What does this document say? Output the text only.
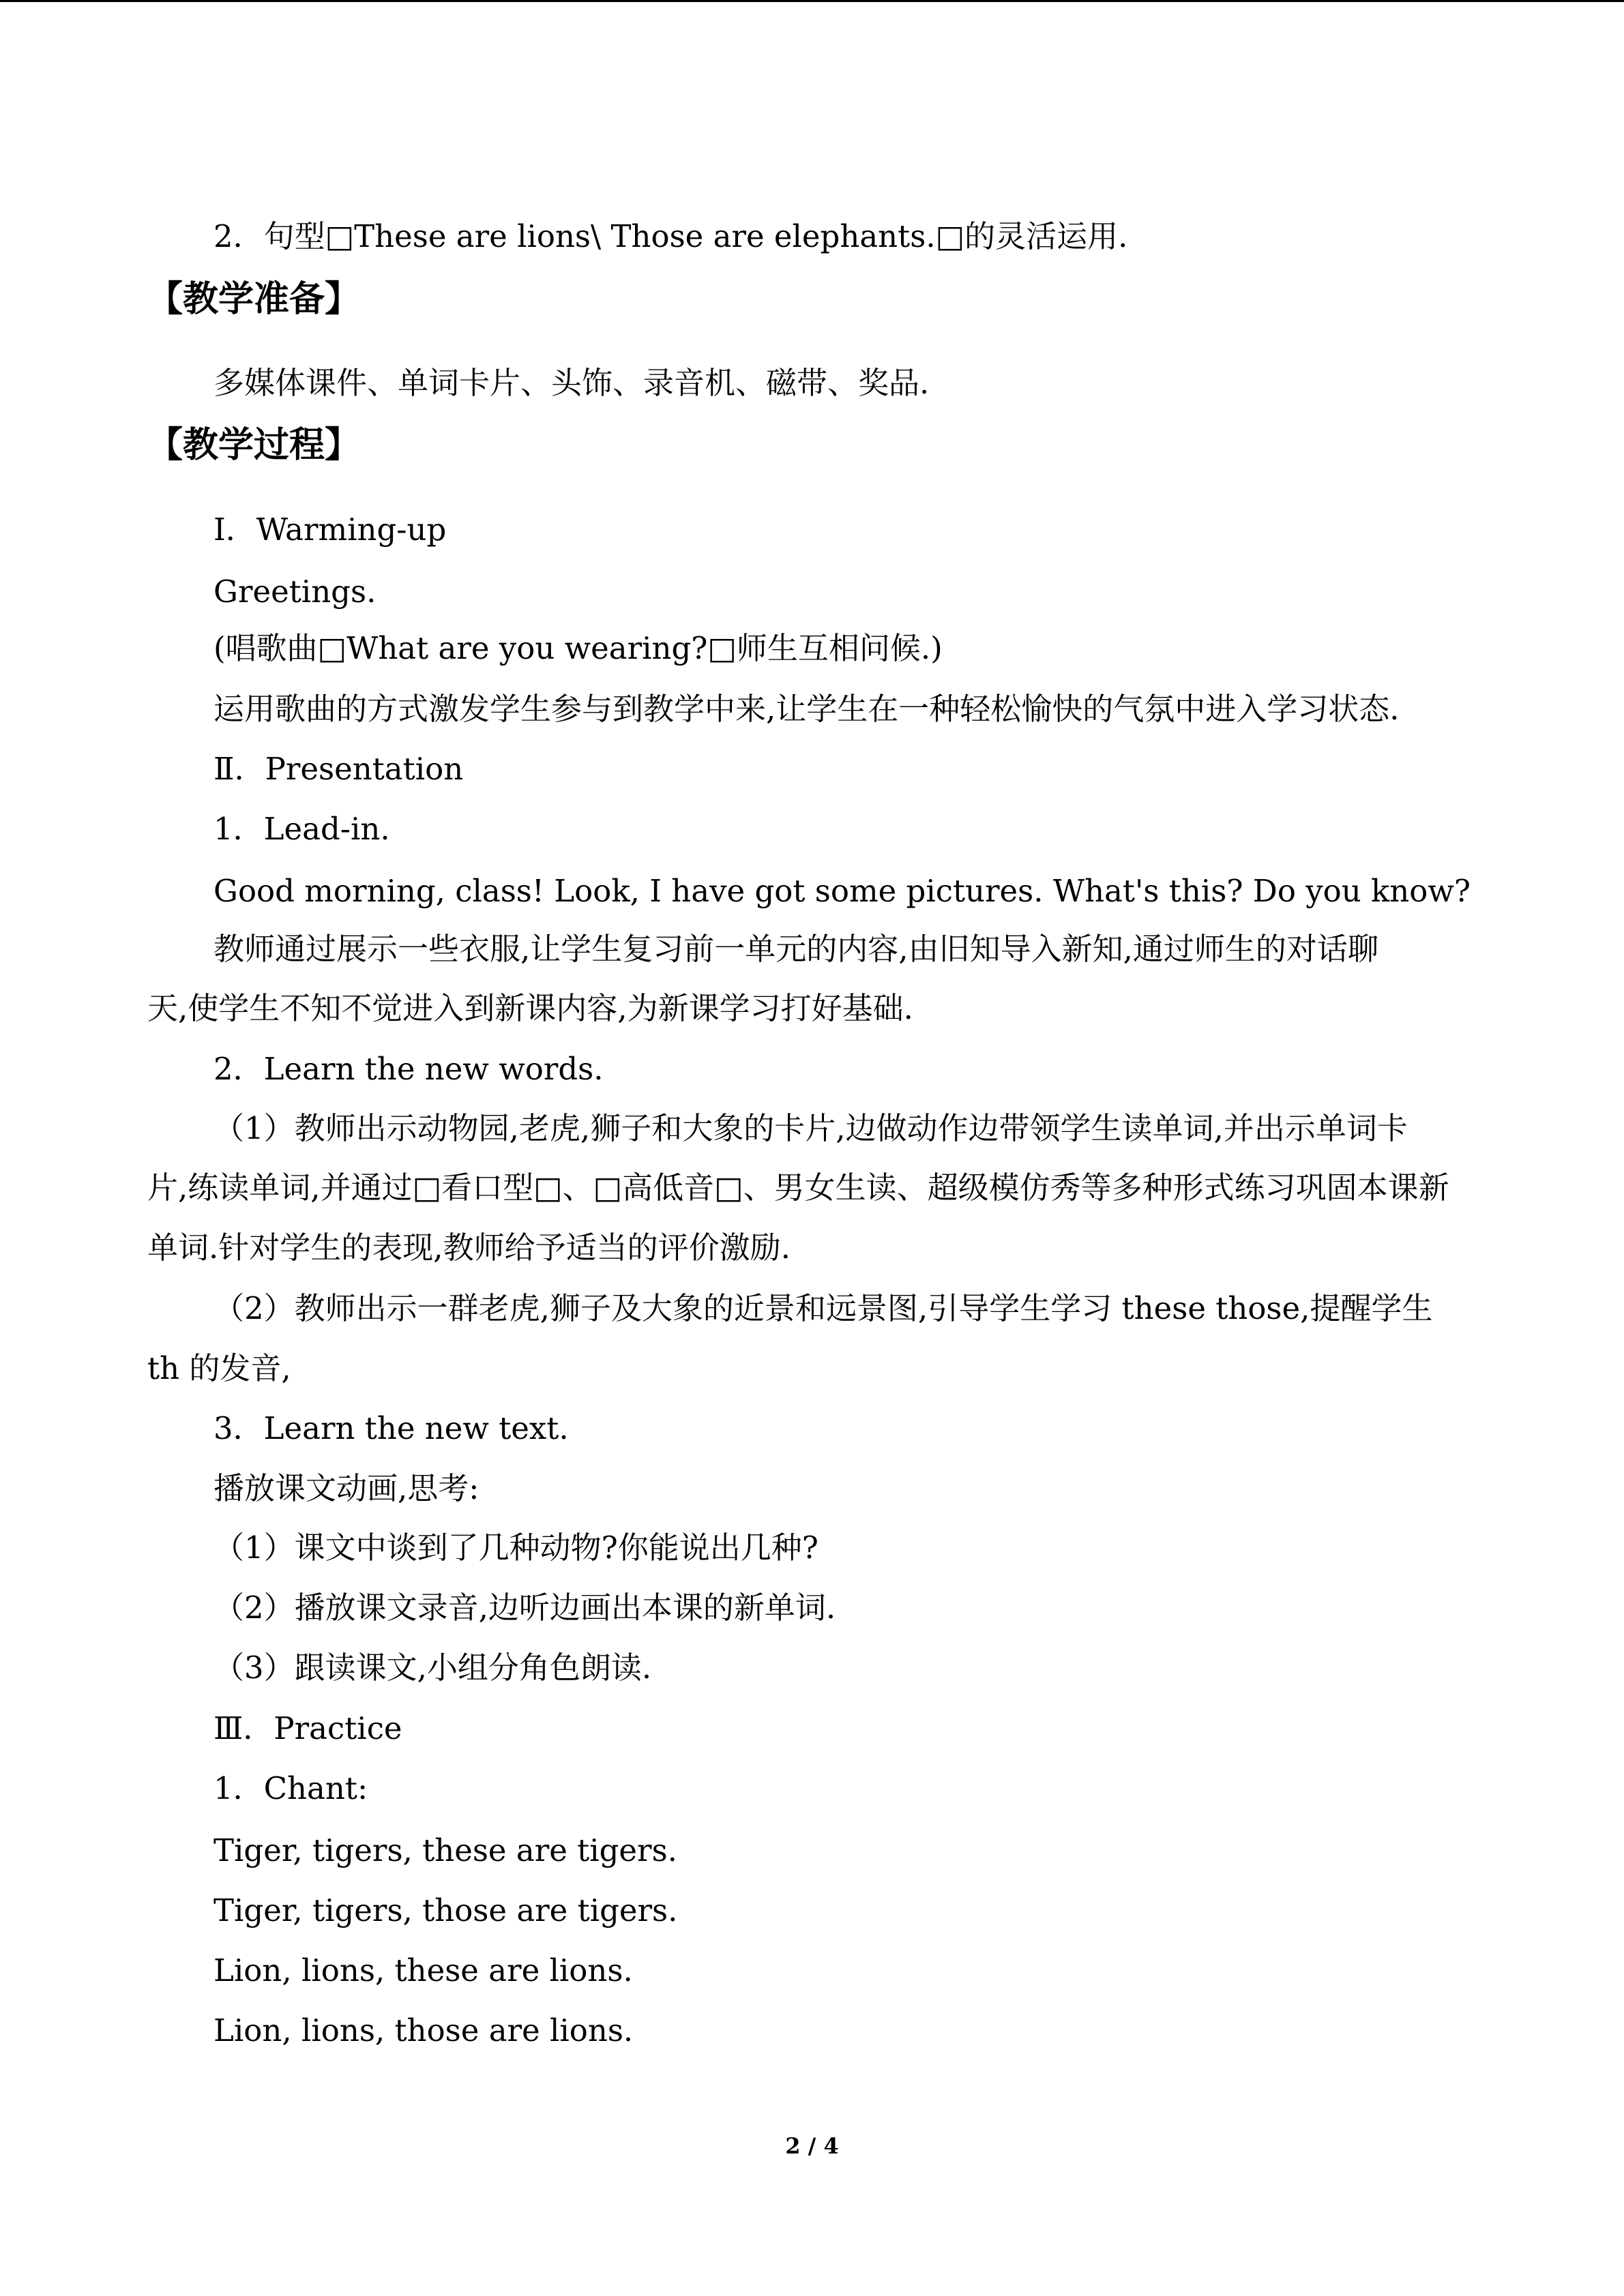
2．句型□These are lions\ Those are elephants.□的灵活运用.
【教学准备】
多媒体课件、单词卡片、头饰、录音机、磁带、奖品.
【教学过程】
Ⅰ．Warming-up
Greetings.
(唱歌曲□What are you wearing?□师生互相问候.)
运用歌曲的方式激发学生参与到教学中来,让学生在一种轻松愉快的气氛中进入学习状态.
Ⅱ．Presentation
1．Lead-in.
Good morning, class! Look, I have got some pictures. What's this? Do you know?
教师通过展示一些衣服,让学生复习前一单元的内容,由旧知导入新知,通过师生的对话聊
天,使学生不知不觉进入到新课内容,为新课学习打好基础.
2．Learn the new words.
（1）教师出示动物园,老虎,狮子和大象的卡片,边做动作边带领学生读单词,并出示单词卡
片,练读单词,并通过□看口型□、□高低音□、男女生读、超级模仿秀等多种形式练习巩固本课新
单词.针对学生的表现,教师给予适当的评价激励.
（2）教师出示一群老虎,狮子及大象的近景和远景图,引导学生学习 these those,提醒学生
th 的发音,
3．Learn the new text.
播放课文动画,思考:
（1）课文中谈到了几种动物?你能说出几种?
（2）播放课文录音,边听边画出本课的新单词.
（3）跟读课文,小组分角色朗读.
Ⅲ．Practice
1．Chant:
Tiger, tigers, these are tigers.
Tiger, tigers, those are tigers.
Lion, lions, these are lions.
Lion, lions, those are lions.
2 / 4
